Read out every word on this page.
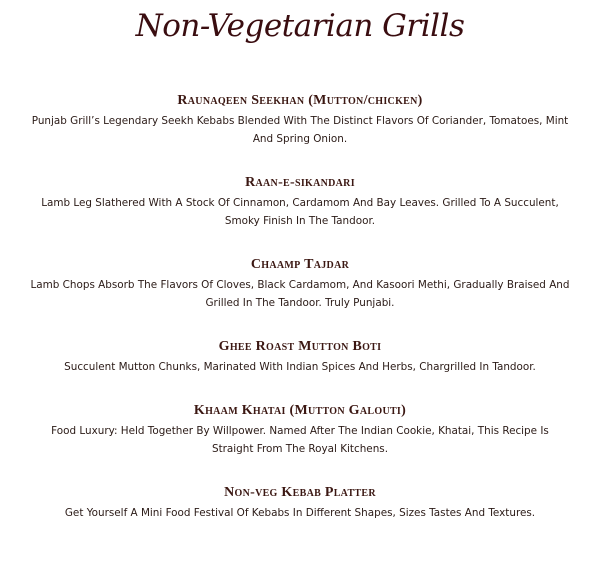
Non-Vegetarian Grills
Raunaqeen Seekhan (Mutton/chicken)
Punjab Grill’s Legendary Seekh Kebabs Blended With The Distinct Flavors Of Coriander, Tomatoes, Mint And Spring Onion.
Raan-e-sikandari
Lamb Leg Slathered With A Stock Of Cinnamon, Cardamom And Bay Leaves. Grilled To A Succulent, Smoky Finish In The Tandoor.
Chaamp Tajdar
Lamb Chops Absorb The Flavors Of Cloves, Black Cardamom, And Kasoori Methi, Gradually Braised And Grilled In The Tandoor. Truly Punjabi.
Ghee Roast Mutton Boti
Succulent Mutton Chunks, Marinated With Indian Spices And Herbs, Chargrilled In Tandoor.
Khaam Khatai (Mutton Galouti)
Food Luxury: Held Together By Willpower. Named After The Indian Cookie, Khatai, This Recipe Is Straight From The Royal Kitchens.
Non-veg Kebab Platter
Get Yourself A Mini Food Festival Of Kebabs In Different Shapes, Sizes Tastes And Textures.
